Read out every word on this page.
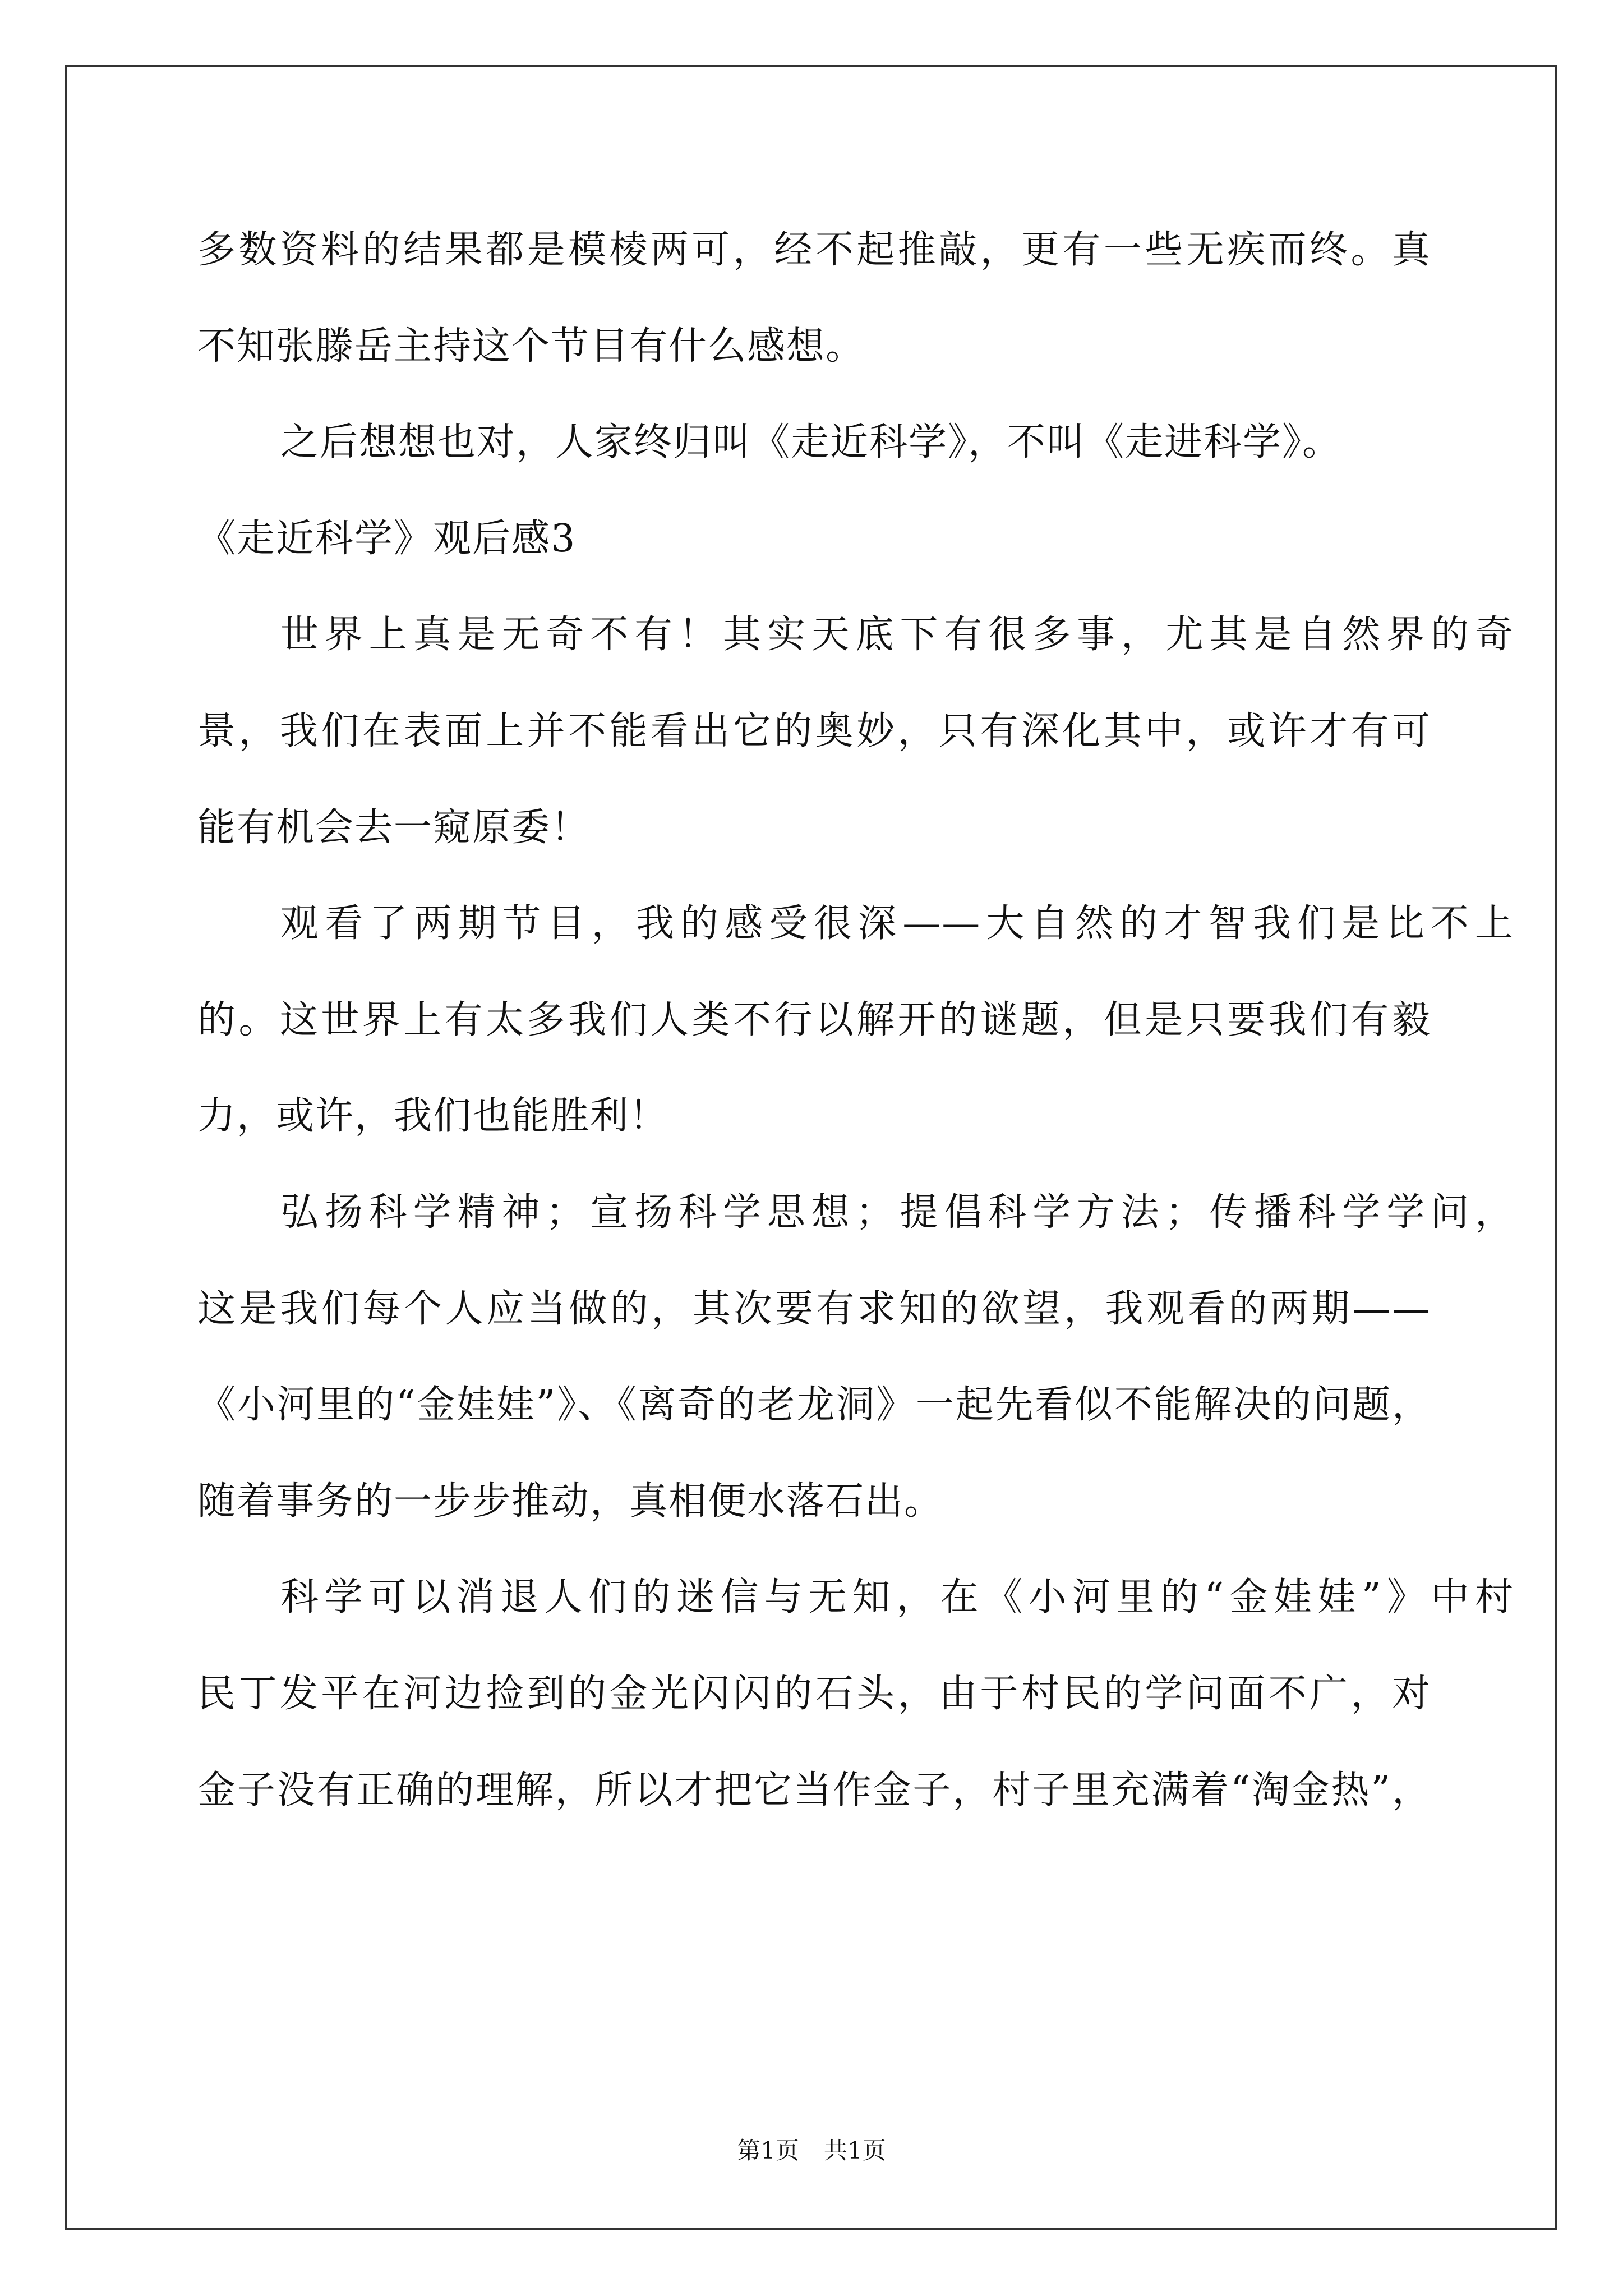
多数资料的结果都是模棱两可，经不起推敲，更有一些无疾而终。真
不知张滕岳主持这个节目有什么感想。
之后想想也对，人家终归叫《走近科学》，不叫《走进科学》。
《走近科学》观后感3
世界上真是无奇不有！其实天底下有很多事，尤其是自然界的奇
景，我们在表面上并不能看出它的奥妙，只有深化其中，或许才有可
能有机会去一窥原委！
观看了两期节目，我的感受很深——大自然的才智我们是比不上
的。这世界上有太多我们人类不行以解开的谜题，但是只要我们有毅
力，或许，我们也能胜利！
弘扬科学精神；宣扬科学思想；提倡科学方法；传播科学学问，
这是我们每个人应当做的，其次要有求知的欲望，我观看的两期——
《小河里的“金娃娃”》、《离奇的老龙洞》一起先看似不能解决的问题，
随着事务的一步步推动，真相便水落石出。
科学可以消退人们的迷信与无知，在《小河里的“金娃娃”》中村
民丁发平在河边捡到的金光闪闪的石头，由于村民的学问面不广，对
金子没有正确的理解，所以才把它当作金子，村子里充满着“淘金热”，
第1页 共1页
